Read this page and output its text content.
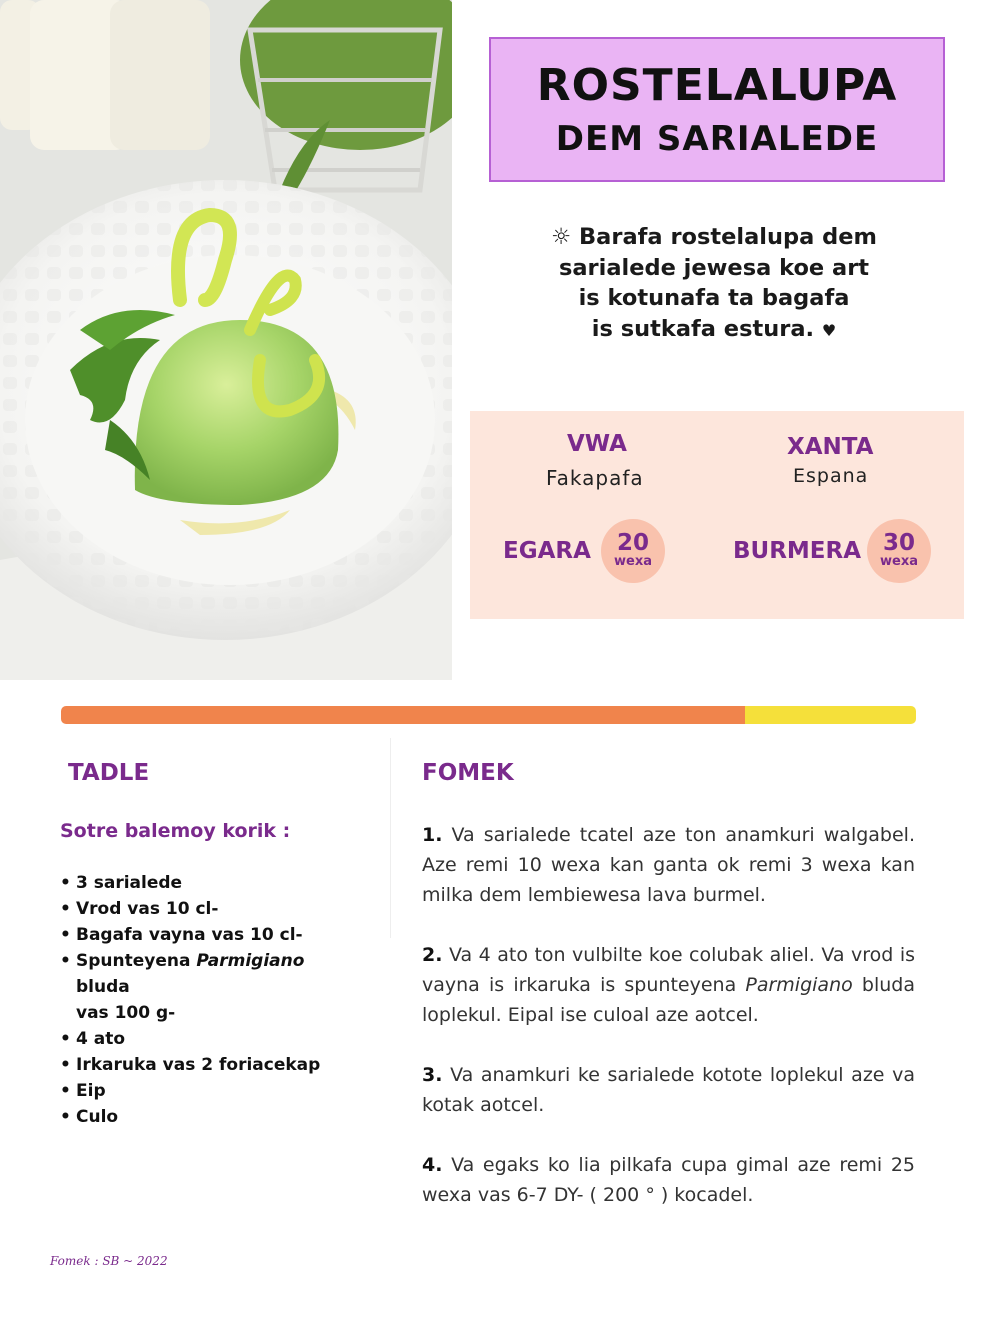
ROSTELALUPA
DEM SARIALEDE
☼ Barafa rostelalupa dem
sarialede jewesa koe art
is kotunafa ta bagafa
is sutkafa estura. ♥
VWA
Fakapafa
XANTA
Espana
EGARA	20
wexa	BURMERA 30
wexa
TADLE
Sotre balemoy korik :
• 3 sarialede
• Vrod vas 10 cl-
• Bagafa vayna vas 10 cl-
• Spunteyena Parmigiano bluda
vas 100 g-
• 4 ato
• Irkaruka vas 2 foriacekap
• Eip
• Culo
FOMEK

1. Va sarialede tcatel aze ton anamkuri walgabel. Aze remi 10 wexa kan ganta ok remi 3 wexa kan milka dem lembiewesa lava burmel.

2. Va 4 ato ton vulbilte koe colubak aliel. Va vrod is vayna is irkaruka is spunteyena Parmigiano bluda loplekul. Eipal ise culoal aze aotcel.

3. Va anamkuri ke sarialede kotote loplekul aze va kotak aotcel.

4. Va egaks ko lia pilkafa cupa gimal aze remi 25 wexa vas 6-7 DY- ( 200 ° ) kocadel.

Fomek : SB ~ 2022
